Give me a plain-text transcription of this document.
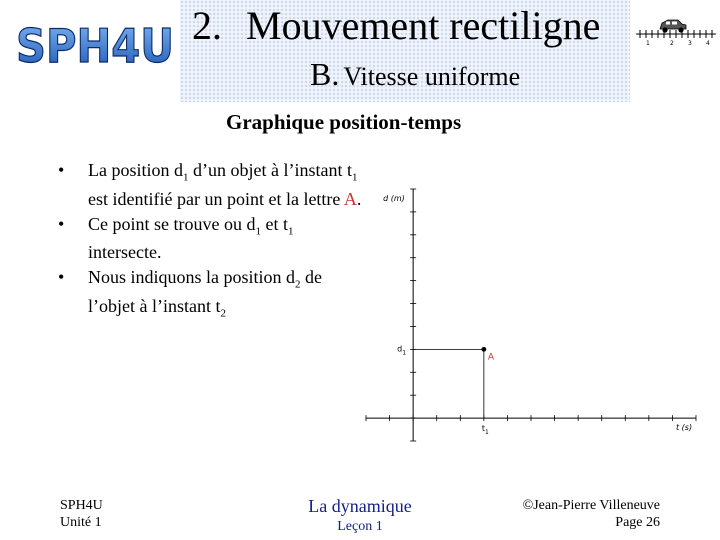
SPH4U 2. Mouvement rectiligne
B. Vitesse uniforme
1	2 3 4
Graphique position-temps
• La position $d_1$ d’un objet à l’instant $t_1$ est identifié par un point et la lettre A.
• Ce point se trouve ou $d_1$ et $t_1$ intersecte.
• Nous indiquons la position $d_2$ de l’objet à l’instant $t_2$
A
d (m)
t (s)
$d_1$
$t_1$
SPH4U
Unité 1
La dynamique
Leçon 1
©Jean-Pierre Villeneuve
Page 26
